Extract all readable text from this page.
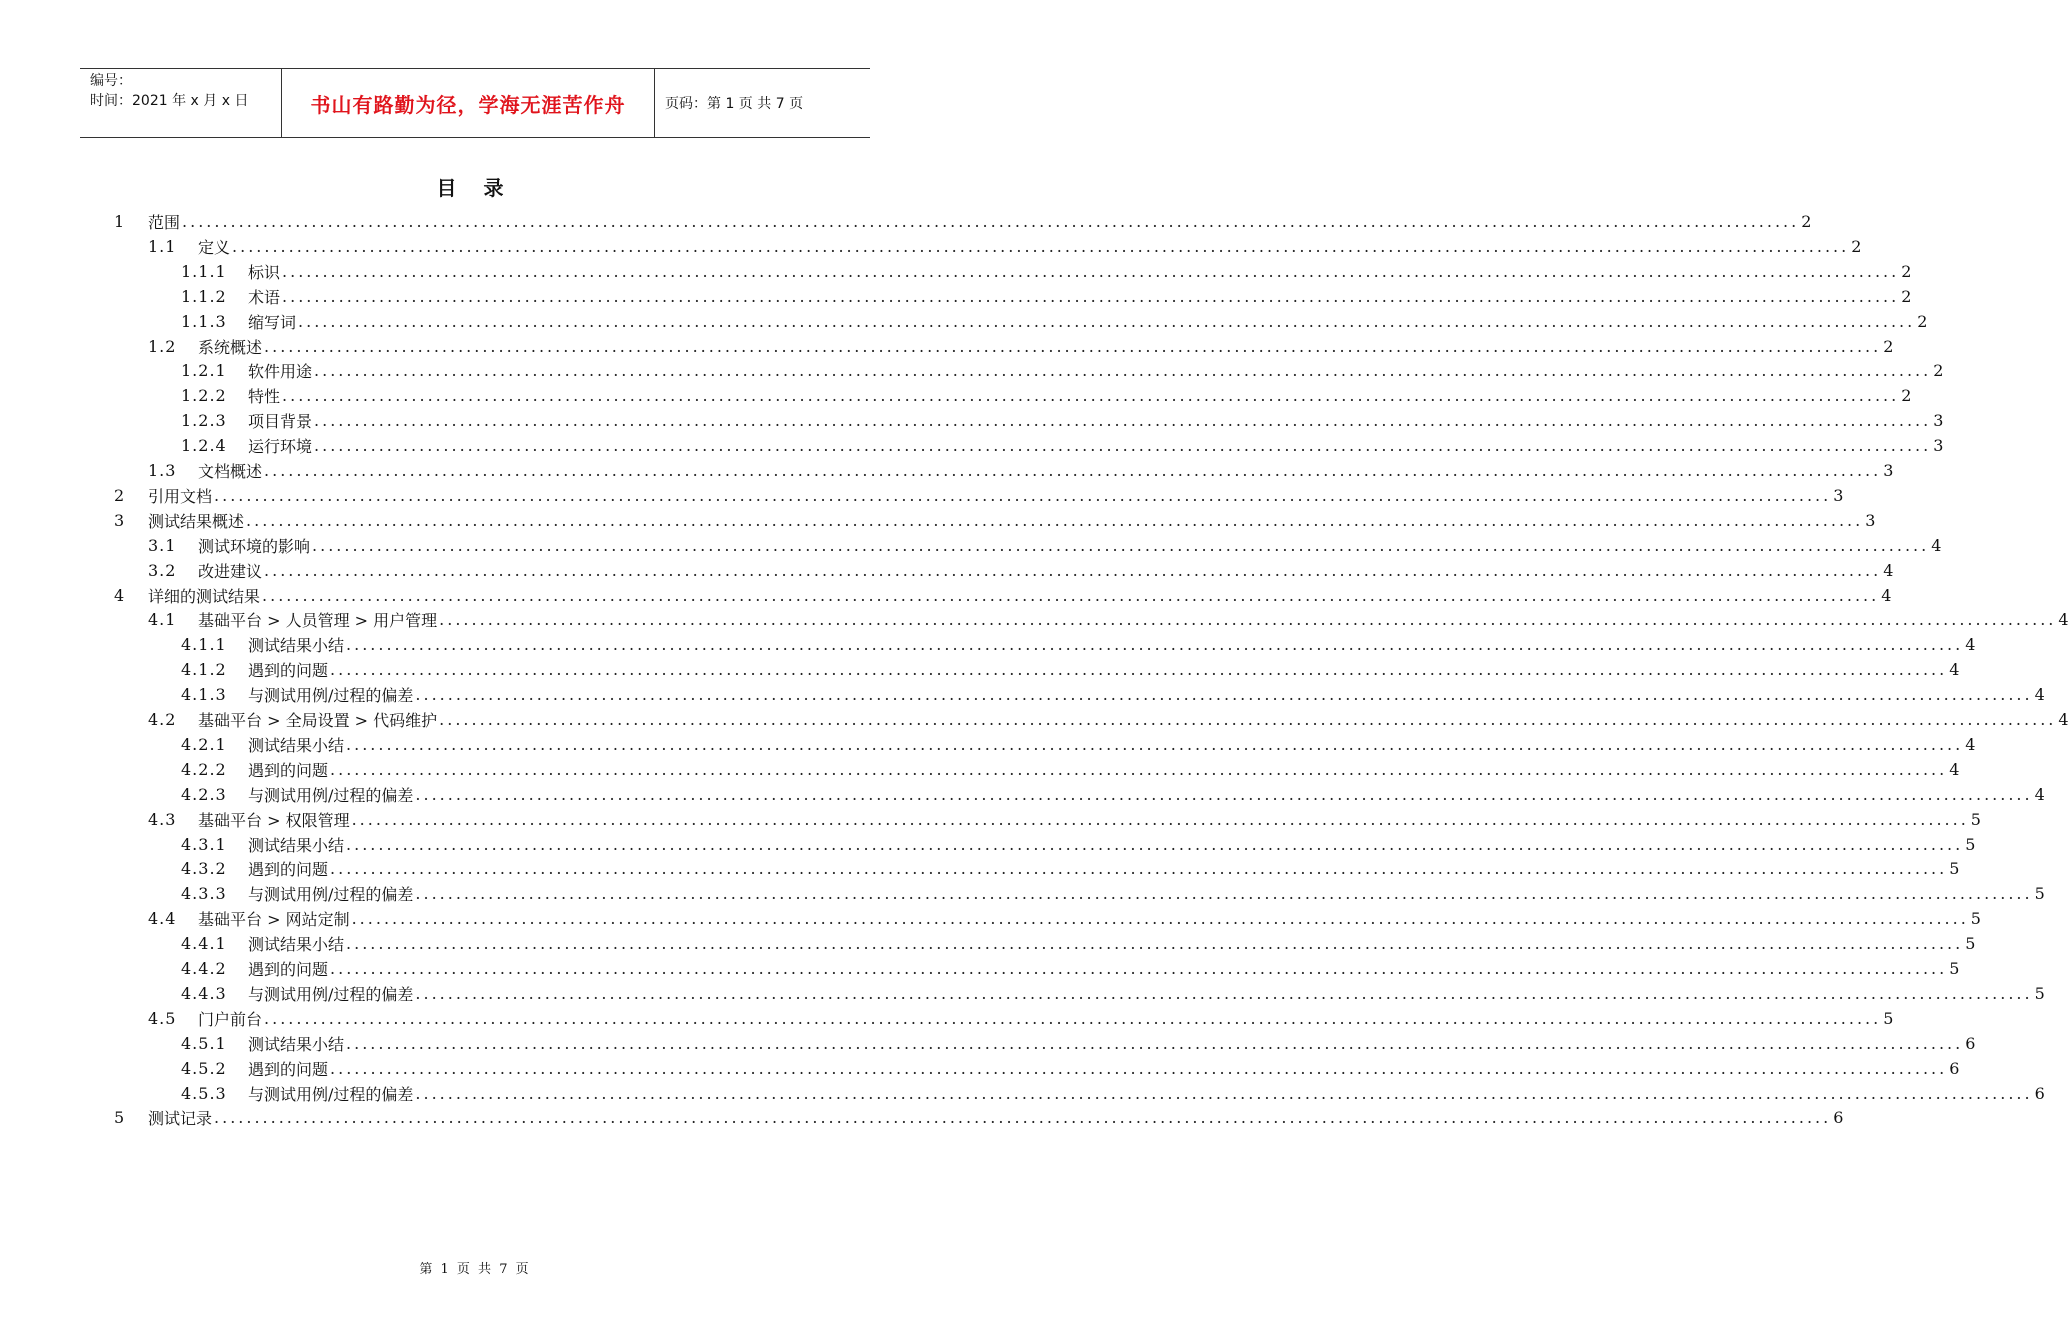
编号：
时间：2021 年 x 月 x 日	书山有路勤为径，学海无涯苦作舟	页码：第 1 页 共 7 页
目 录
1	范围 ........................................................................................................................................................................................................ 2
1.1	定义 ........................................................................................................................................................................................................ 2
1.1.1	标识 ........................................................................................................................................................................................................ 2
1.1.2	术语 ........................................................................................................................................................................................................ 2
1.1.3	缩写词 ........................................................................................................................................................................................................ 2
1.2	系统概述 ........................................................................................................................................................................................................ 2
1.2.1	软件用途 ........................................................................................................................................................................................................ 2
1.2.2	特性 ........................................................................................................................................................................................................ 2
1.2.3	项目背景 ........................................................................................................................................................................................................ 3
1.2.4	运行环境 ........................................................................................................................................................................................................ 3
1.3	文档概述 ........................................................................................................................................................................................................ 3
2	引用文档 ........................................................................................................................................................................................................ 3
3	测试结果概述 ........................................................................................................................................................................................................ 3
3.1	测试环境的影响 ........................................................................................................................................................................................................ 4
3.2	改进建议 ........................................................................................................................................................................................................ 4
4	详细的测试结果 ........................................................................................................................................................................................................ 4
4.1	基础平台 > 人员管理 > 用户管理 ........................................................................................................................................................................................................ 4
4.1.1	测试结果小结 ........................................................................................................................................................................................................ 4
4.1.2	遇到的问题 ........................................................................................................................................................................................................ 4
4.1.3	与测试用例/过程的偏差 ........................................................................................................................................................................................................ 4
4.2	基础平台 > 全局设置 > 代码维护 ........................................................................................................................................................................................................ 4
4.2.1	测试结果小结 ........................................................................................................................................................................................................ 4
4.2.2	遇到的问题 ........................................................................................................................................................................................................ 4
4.2.3	与测试用例/过程的偏差 ........................................................................................................................................................................................................ 4
4.3	基础平台 > 权限管理 ........................................................................................................................................................................................................ 5
4.3.1	测试结果小结 ........................................................................................................................................................................................................ 5
4.3.2	遇到的问题 ........................................................................................................................................................................................................ 5
4.3.3	与测试用例/过程的偏差 ........................................................................................................................................................................................................ 5
4.4	基础平台 > 网站定制 ........................................................................................................................................................................................................ 5
4.4.1	测试结果小结 ........................................................................................................................................................................................................ 5
4.4.2	遇到的问题 ........................................................................................................................................................................................................ 5
4.4.3	与测试用例/过程的偏差 ........................................................................................................................................................................................................ 5
4.5	门户前台 ........................................................................................................................................................................................................ 5
4.5.1	测试结果小结 ........................................................................................................................................................................................................ 6
4.5.2	遇到的问题 ........................................................................................................................................................................................................ 6
4.5.3	与测试用例/过程的偏差 ........................................................................................................................................................................................................ 6
5	测试记录 ........................................................................................................................................................................................................ 6
第 1 页 共 7 页
